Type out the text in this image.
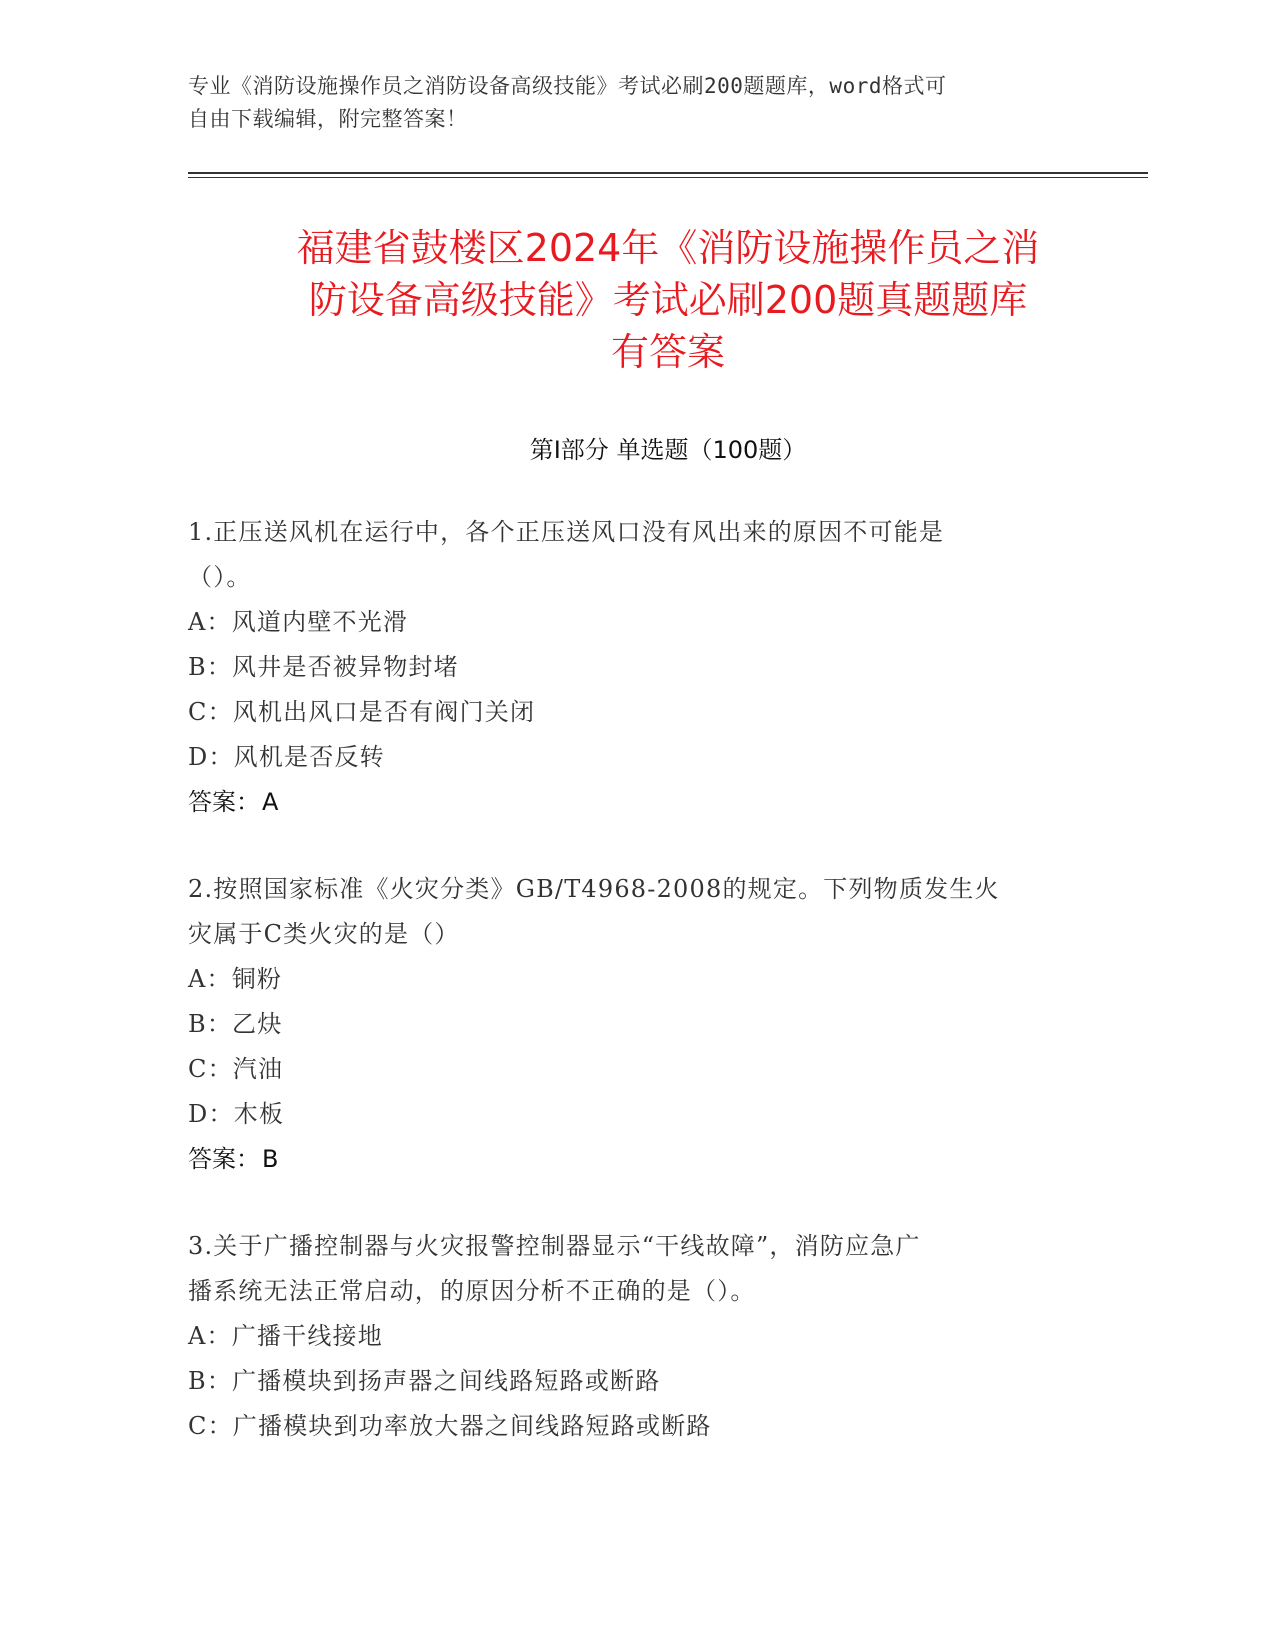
专业《消防设施操作员之消防设备高级技能》考试必刷200题题库，word格式可
自由下载编辑，附完整答案！
福建省鼓楼区2024年《消防设施操作员之消
防设备高级技能》考试必刷200题真题题库
有答案
第Ⅰ部分 单选题（100题）
1.正压送风机在运行中，各个正压送风口没有风出来的原因不可能是
（）。
A：风道内壁不光滑
B：风井是否被异物封堵
C：风机出风口是否有阀门关闭
D：风机是否反转
答案：A
2.按照国家标准《火灾分类》GB/T4968-2008的规定。下列物质发生火
灾属于C类火灾的是（）
A：铜粉
B：乙炔
C：汽油
D：木板
答案：B
3.关于广播控制器与火灾报警控制器显示“干线故障”，消防应急广
播系统无法正常启动，的原因分析不正确的是（）。
A：广播干线接地
B：广播模块到扬声器之间线路短路或断路
C：广播模块到功率放大器之间线路短路或断路
